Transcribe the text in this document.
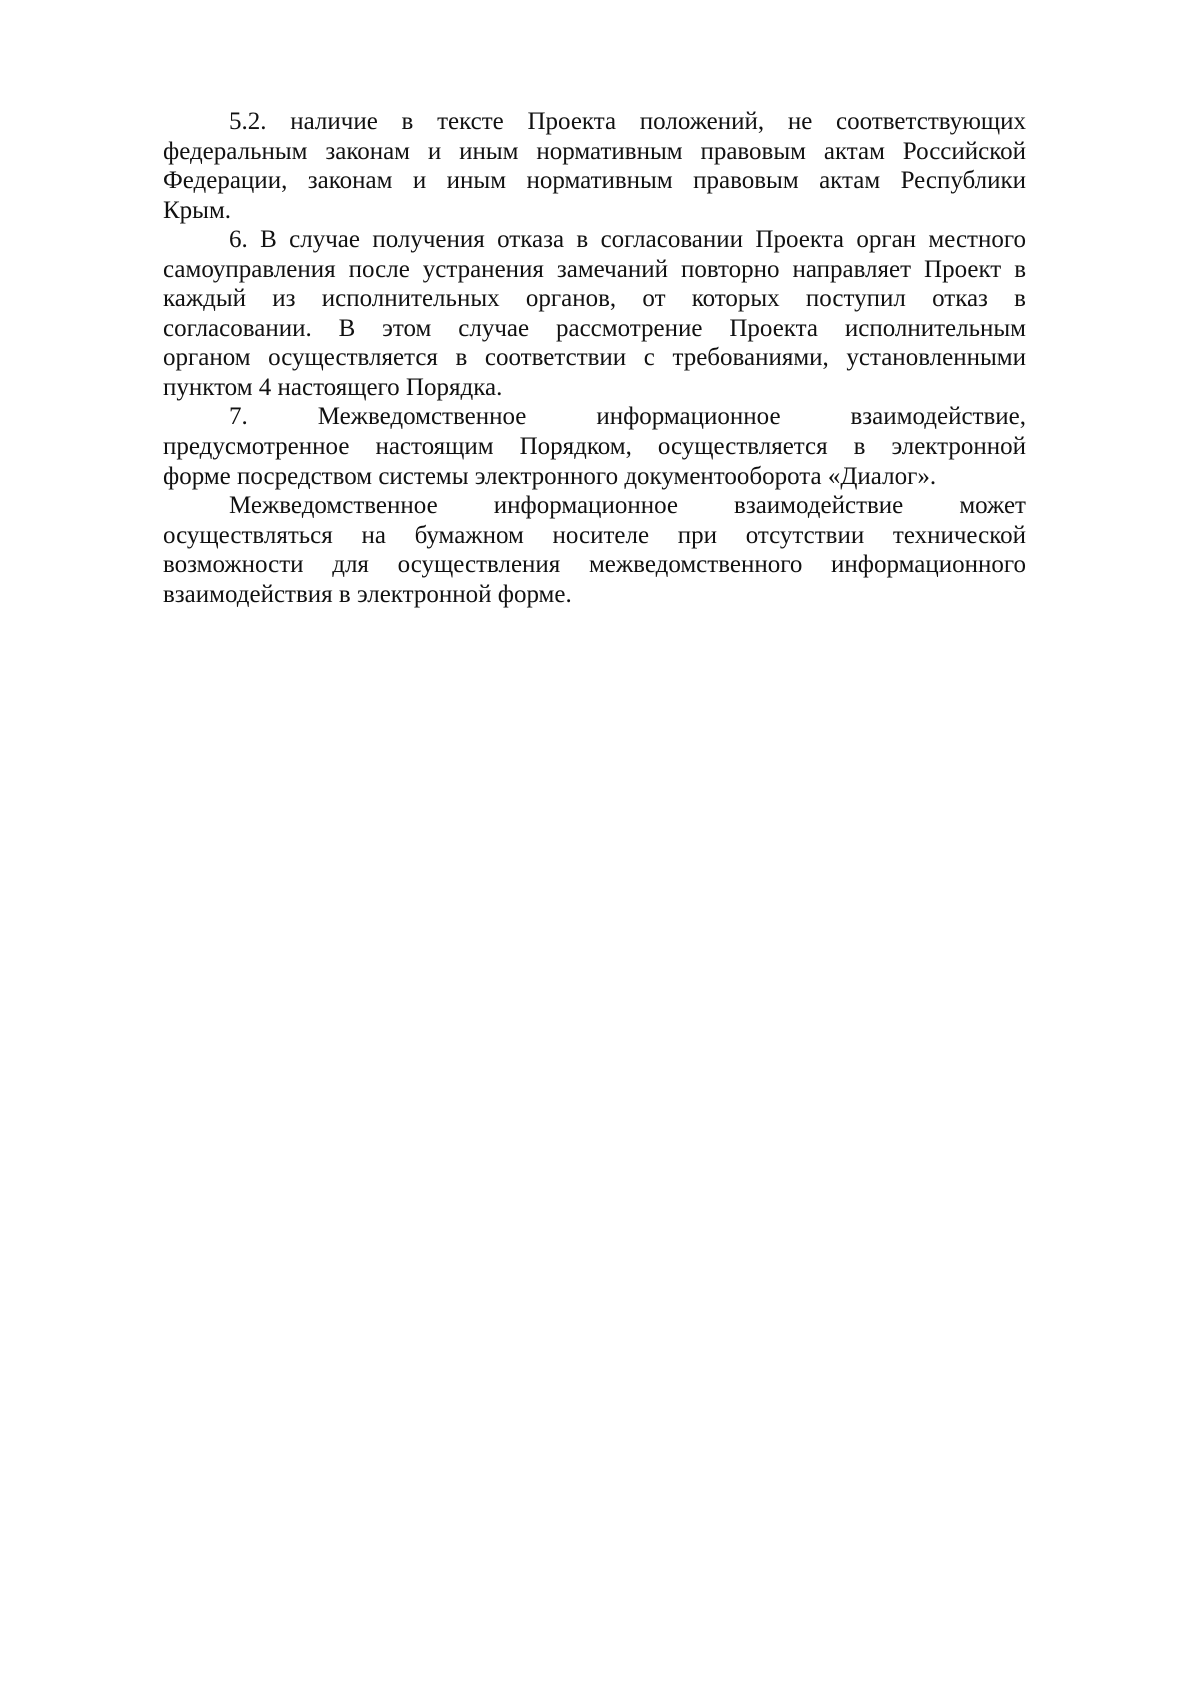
5.2. наличие в тексте Проекта положений, не соответствующих
федеральным законам и иным нормативным правовым актам Российской
Федерации, законам и иным нормативным правовым актам Республики
Крым.
6. В случае получения отказа в согласовании Проекта орган местного
самоуправления после устранения замечаний повторно направляет Проект в
каждый из исполнительных органов, от которых поступил отказ в
согласовании. В этом случае рассмотрение Проекта исполнительным
органом осуществляется в соответствии с требованиями, установленными
пунктом 4 настоящего Порядка.
7. Межведомственное информационное взаимодействие,
предусмотренное настоящим Порядком, осуществляется в электронной
форме посредством системы электронного документооборота «Диалог».
Межведомственное информационное взаимодействие может
осуществляться на бумажном носителе при отсутствии технической
возможности для осуществления межведомственного информационного
взаимодействия в электронной форме.
